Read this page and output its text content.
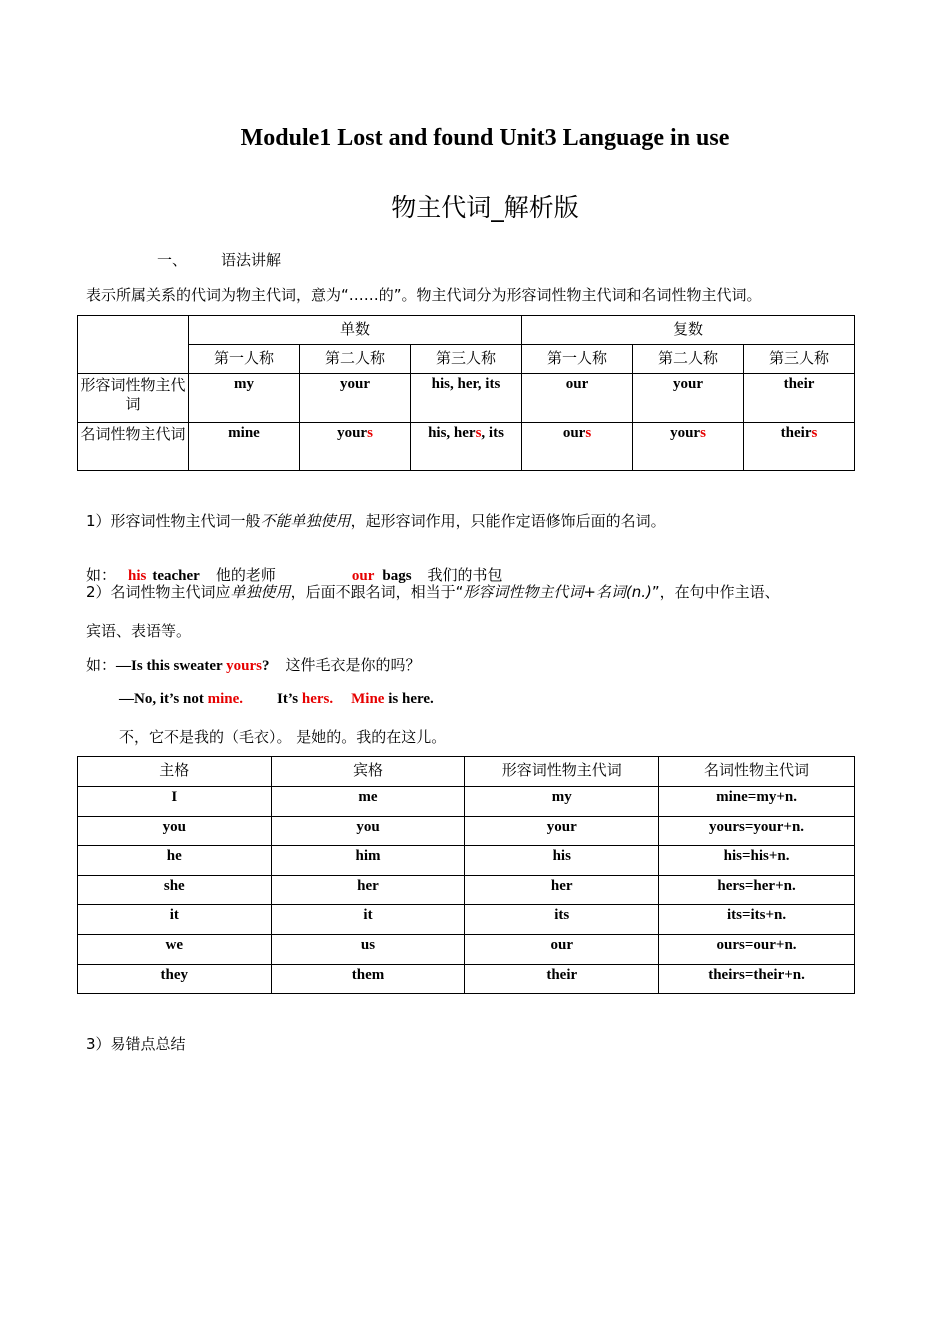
Module1 Lost and found Unit3 Language in use
物主代词_解析版
一、 语法讲解
表示所属关系的代词为物主代词，意为“……的”。物主代词分为形容词性物主代词和名词性物主代词。
	单数			复数		
	第一人称	第二人称	第三人称	第一人称	第二人称	第三人称
形容词性物主代词	my	your	his, her, its	our	your	their
名词性物主代词	mine	yours	his, hers, its	ours	yours	theirs
1）形容词性物主代词一般不能单独使用，起形容词作用，只能作定语修饰后面的名词。

如： his teacher 他的老师	our bags 我们的书包
2）名词性物主代词应单独使用，后面不跟名词，相当于“形容词性物主代词+名词(n.)”，在句中作主语、
宾语、表语等。
如：—Is this sweater yours? 这件毛衣是你的吗？
—No, it’s not mine. It’s hers. Mine is here.
不，它不是我的（毛衣）。 是她的。我的在这儿。
主格	宾格	形容词性物主代词	名词性物主代词
I	me	my	mine=my+n.
you	you	your	yours=your+n.
he	him	his	his=his+n.
she	her	her	hers=her+n.
it	it	its	its=its+n.
we	us	our	ours=our+n.
they	them	their	theirs=their+n.
3）易错点总结
